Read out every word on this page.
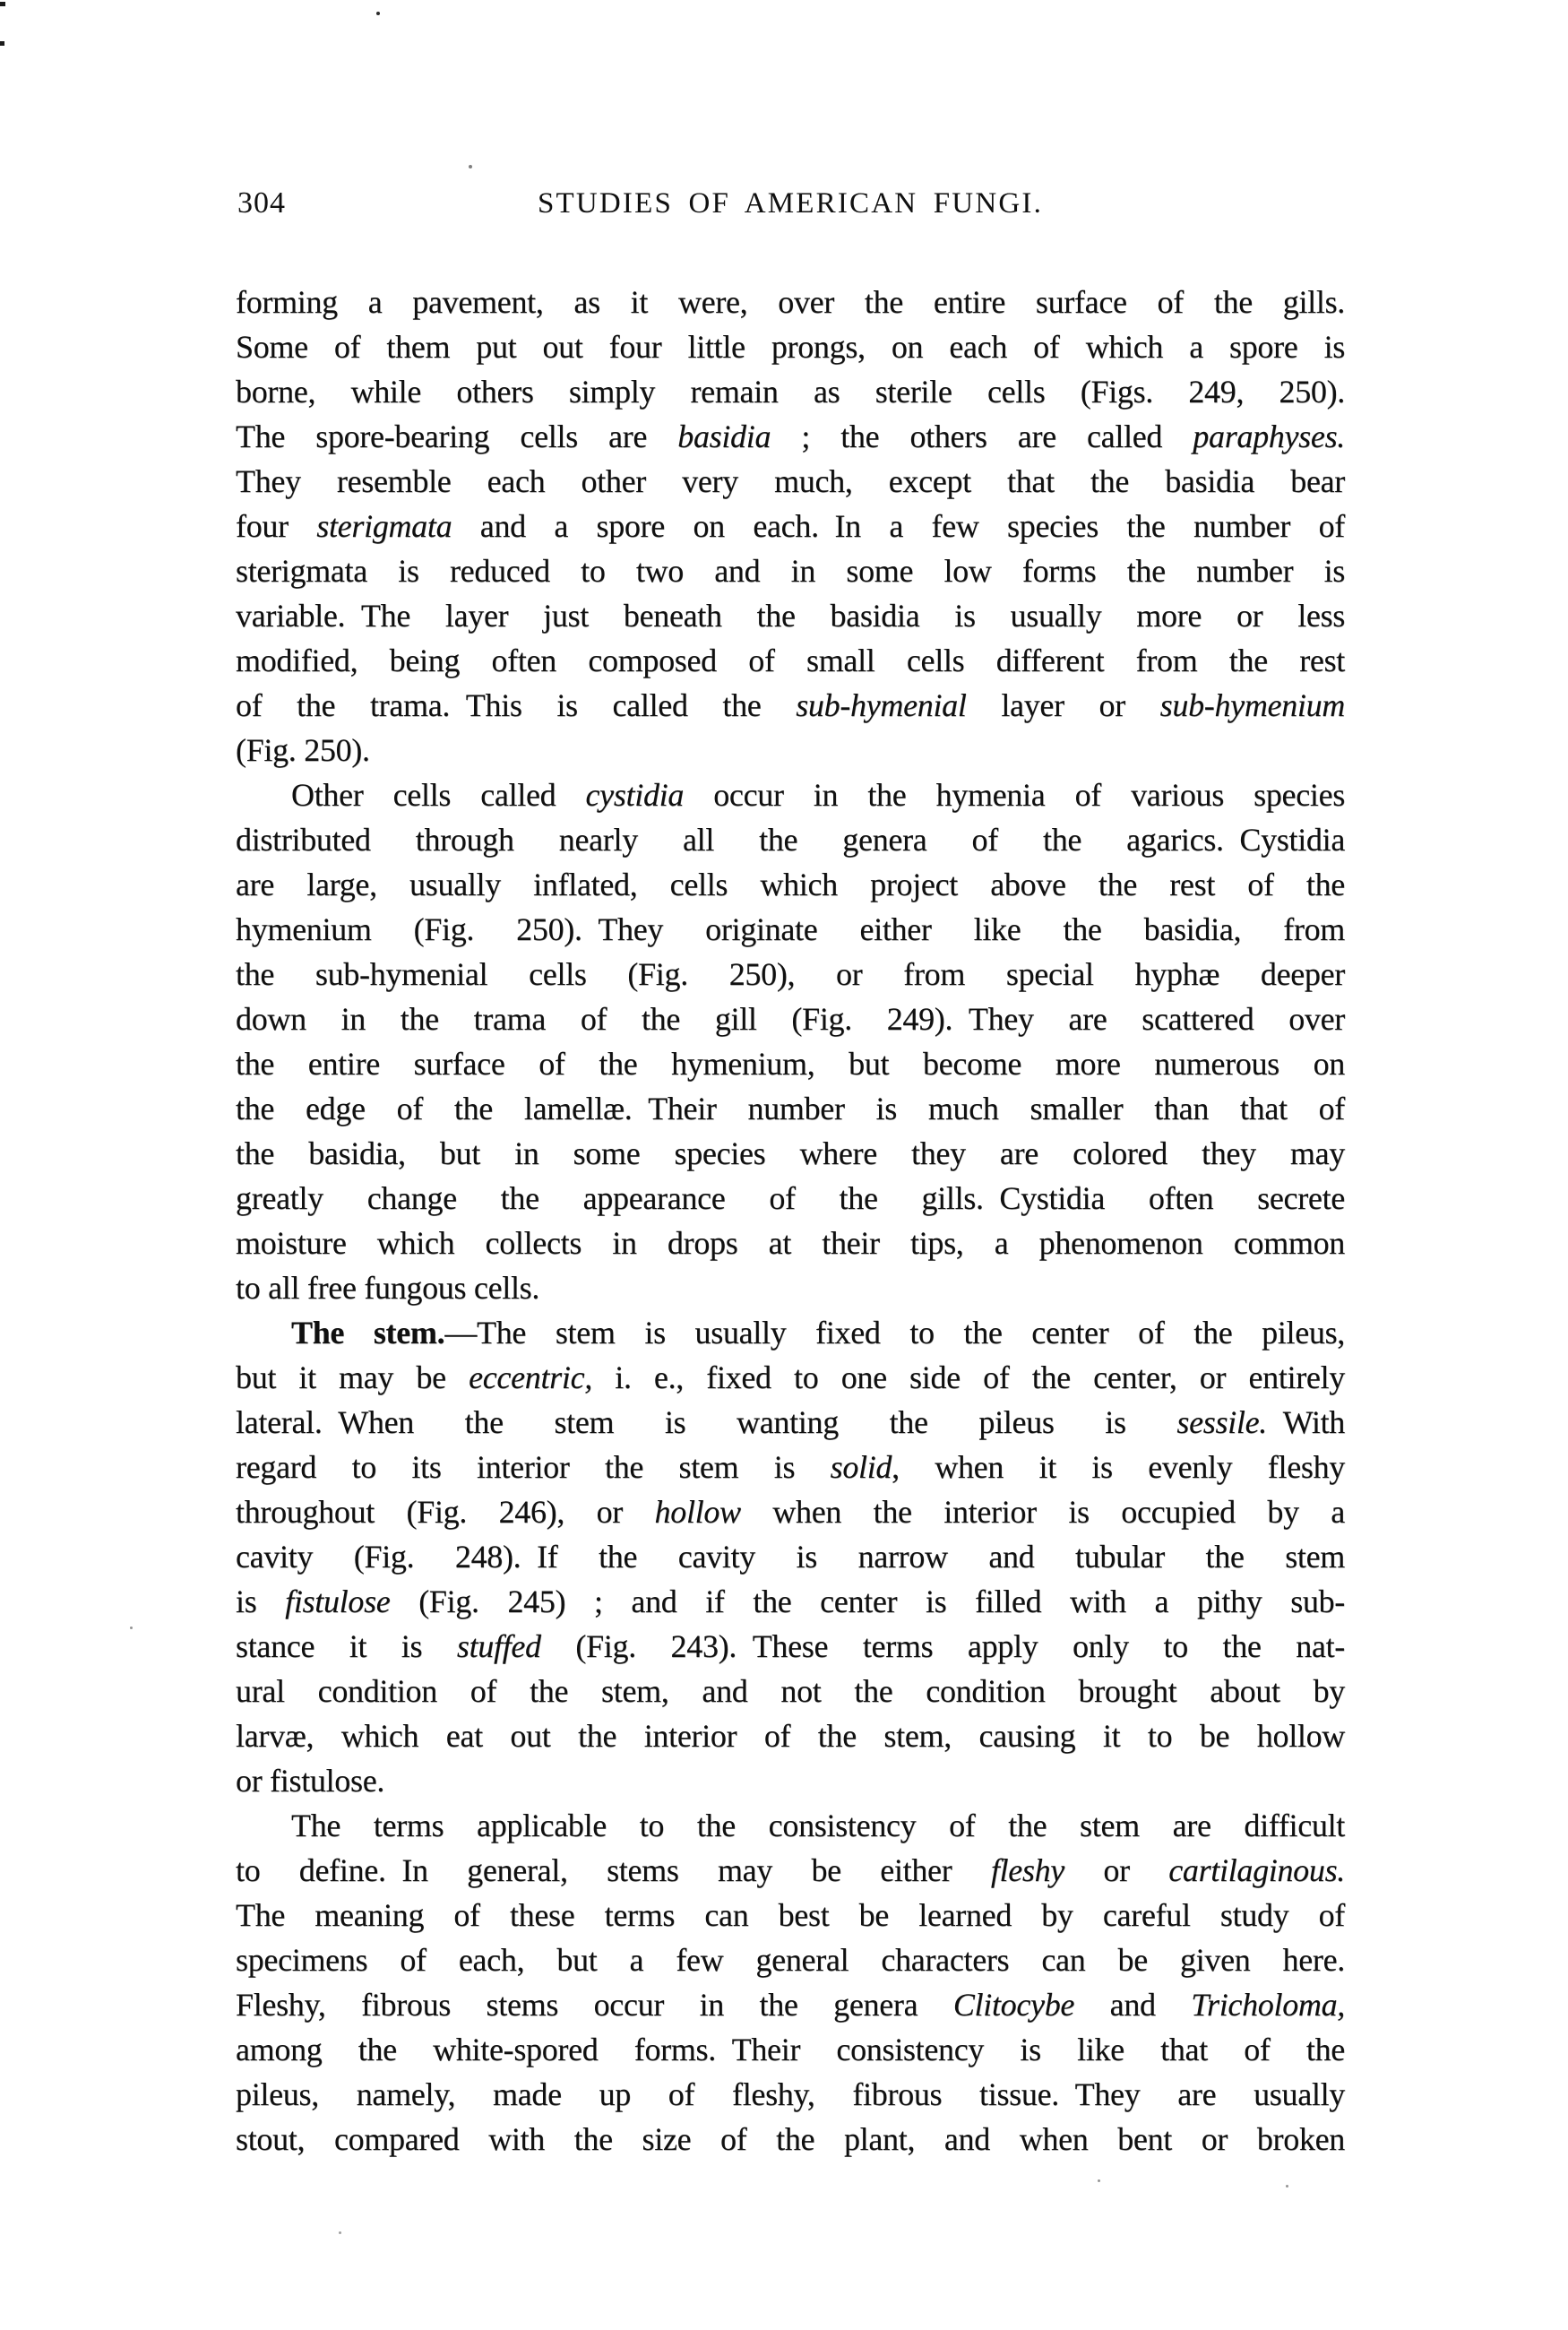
304	STUDIES OF AMERICAN FUNGI.
forming a pavement, as it were, over the entire surface of the gills.
Some of them put out four little prongs, on each of which a spore is
borne, while others simply remain as sterile cells (Figs. 249, 250).
The spore-bearing cells are basidia ; the others are called paraphyses.
They resemble each other very much, except that the basidia bear
four sterigmata and a spore on each. In a few species the number of
sterigmata is reduced to two and in some low forms the number is
variable. The layer just beneath the basidia is usually more or less
modified, being often composed of small cells different from the rest
of the trama. This is called the sub-hymenial layer or sub-hymenium
(Fig. 250).
Other cells called cystidia occur in the hymenia of various species
distributed through nearly all the genera of the agarics. Cystidia
are large, usually inflated, cells which project above the rest of the
hymenium (Fig. 250). They originate either like the basidia, from
the sub-hymenial cells (Fig. 250), or from special hyphæ deeper
down in the trama of the gill (Fig. 249). They are scattered over
the entire surface of the hymenium, but become more numerous on
the edge of the lamellæ. Their number is much smaller than that of
the basidia, but in some species where they are colored they may
greatly change the appearance of the gills. Cystidia often secrete
moisture which collects in drops at their tips, a phenomenon common
to all free fungous cells.
The stem.—The stem is usually fixed to the center of the pileus,
but it may be eccentric, i. e., fixed to one side of the center, or entirely
lateral. When the stem is wanting the pileus is sessile. With
regard to its interior the stem is solid, when it is evenly fleshy
throughout (Fig. 246), or hollow when the interior is occupied by a
cavity (Fig. 248). If the cavity is narrow and tubular the stem
is fistulose (Fig. 245) ; and if the center is filled with a pithy sub-
stance it is stuffed (Fig. 243). These terms apply only to the nat-
ural condition of the stem, and not the condition brought about by
larvæ, which eat out the interior of the stem, causing it to be hollow
or fistulose.
The terms applicable to the consistency of the stem are difficult
to define. In general, stems may be either fleshy or cartilaginous.
The meaning of these terms can best be learned by careful study of
specimens of each, but a few general characters can be given here.
Fleshy, fibrous stems occur in the genera Clitocybe and Tricholoma,
among the white-spored forms. Their consistency is like that of the
pileus, namely, made up of fleshy, fibrous tissue. They are usually
stout, compared with the size of the plant, and when bent or broken
